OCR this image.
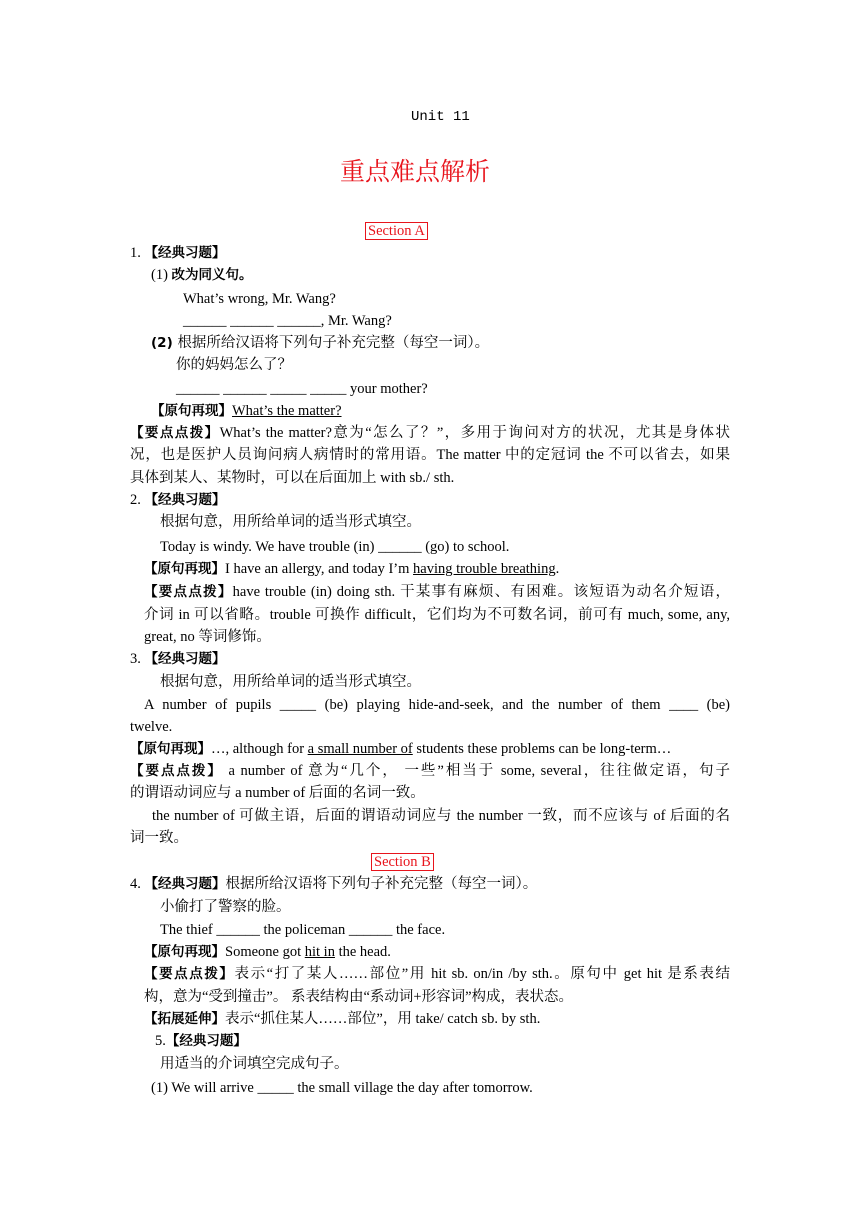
Unit 11
重点难点解析
Section A
1. 【经典习题】
(1) 改为同义句。
What’s wrong, Mr. Wang?
______ ______ ______, Mr. Wang?
(2) 根据所给汉语将下列句子补充完整（每空一词）。
你的妈妈怎么了？
______ ______ _____ _____ your mother?
【原句再现】What’s the matter?
【要点点拨】What’s the matter?意为“怎么了？”，多用于询问对方的状况，尤其是身体状
况，也是医护人员询问病人病情时的常用语。The matter 中的定冠词 the 不可以省去，如果
具体到某人、某物时，可以在后面加上 with sb./ sth.
2. 【经典习题】
根据句意，用所给单词的适当形式填空。
Today is windy. We have trouble (in) ______ (go) to school.
【原句再现】I have an allergy, and today I’m having trouble breathing.
【要点点拨】have trouble (in) doing sth. 干某事有麻烦、有困难。该短语为动名介短语，
介词 in 可以省略。trouble 可换作 difficult，它们均为不可数名词，前可有 much, some, any,
great, no 等词修饰。
3. 【经典习题】
根据句意，用所给单词的适当形式填空。
A number of pupils _____ (be) playing hide-and-seek, and the number of them ____ (be)
twelve.
【原句再现】…, although for a small number of students these problems can be long-term…
【要点点拨】 a number of 意为“几个， 一些”相当于 some, several，往往做定语，句子
的谓语动词应与 a number of 后面的名词一致。
the number of 可做主语，后面的谓语动词应与 the number 一致，而不应该与 of 后面的名
词一致。
Section B
4. 【经典习题】根据所给汉语将下列句子补充完整（每空一词）。
小偷打了警察的脸。
The thief ______ the policeman ______ the face.
【原句再现】Someone got hit in the head.
【要点点拨】表示“打了某人……部位”用 hit sb. on/in /by sth.。原句中 get hit 是系表结
构，意为“受到撞击”。 系表结构由“系动词+形容词”构成，表状态。
【拓展延伸】表示“抓住某人……部位”，用 take/ catch sb. by sth.
5.【经典习题】
用适当的介词填空完成句子。
(1) We will arrive _____ the small village the day after tomorrow.
